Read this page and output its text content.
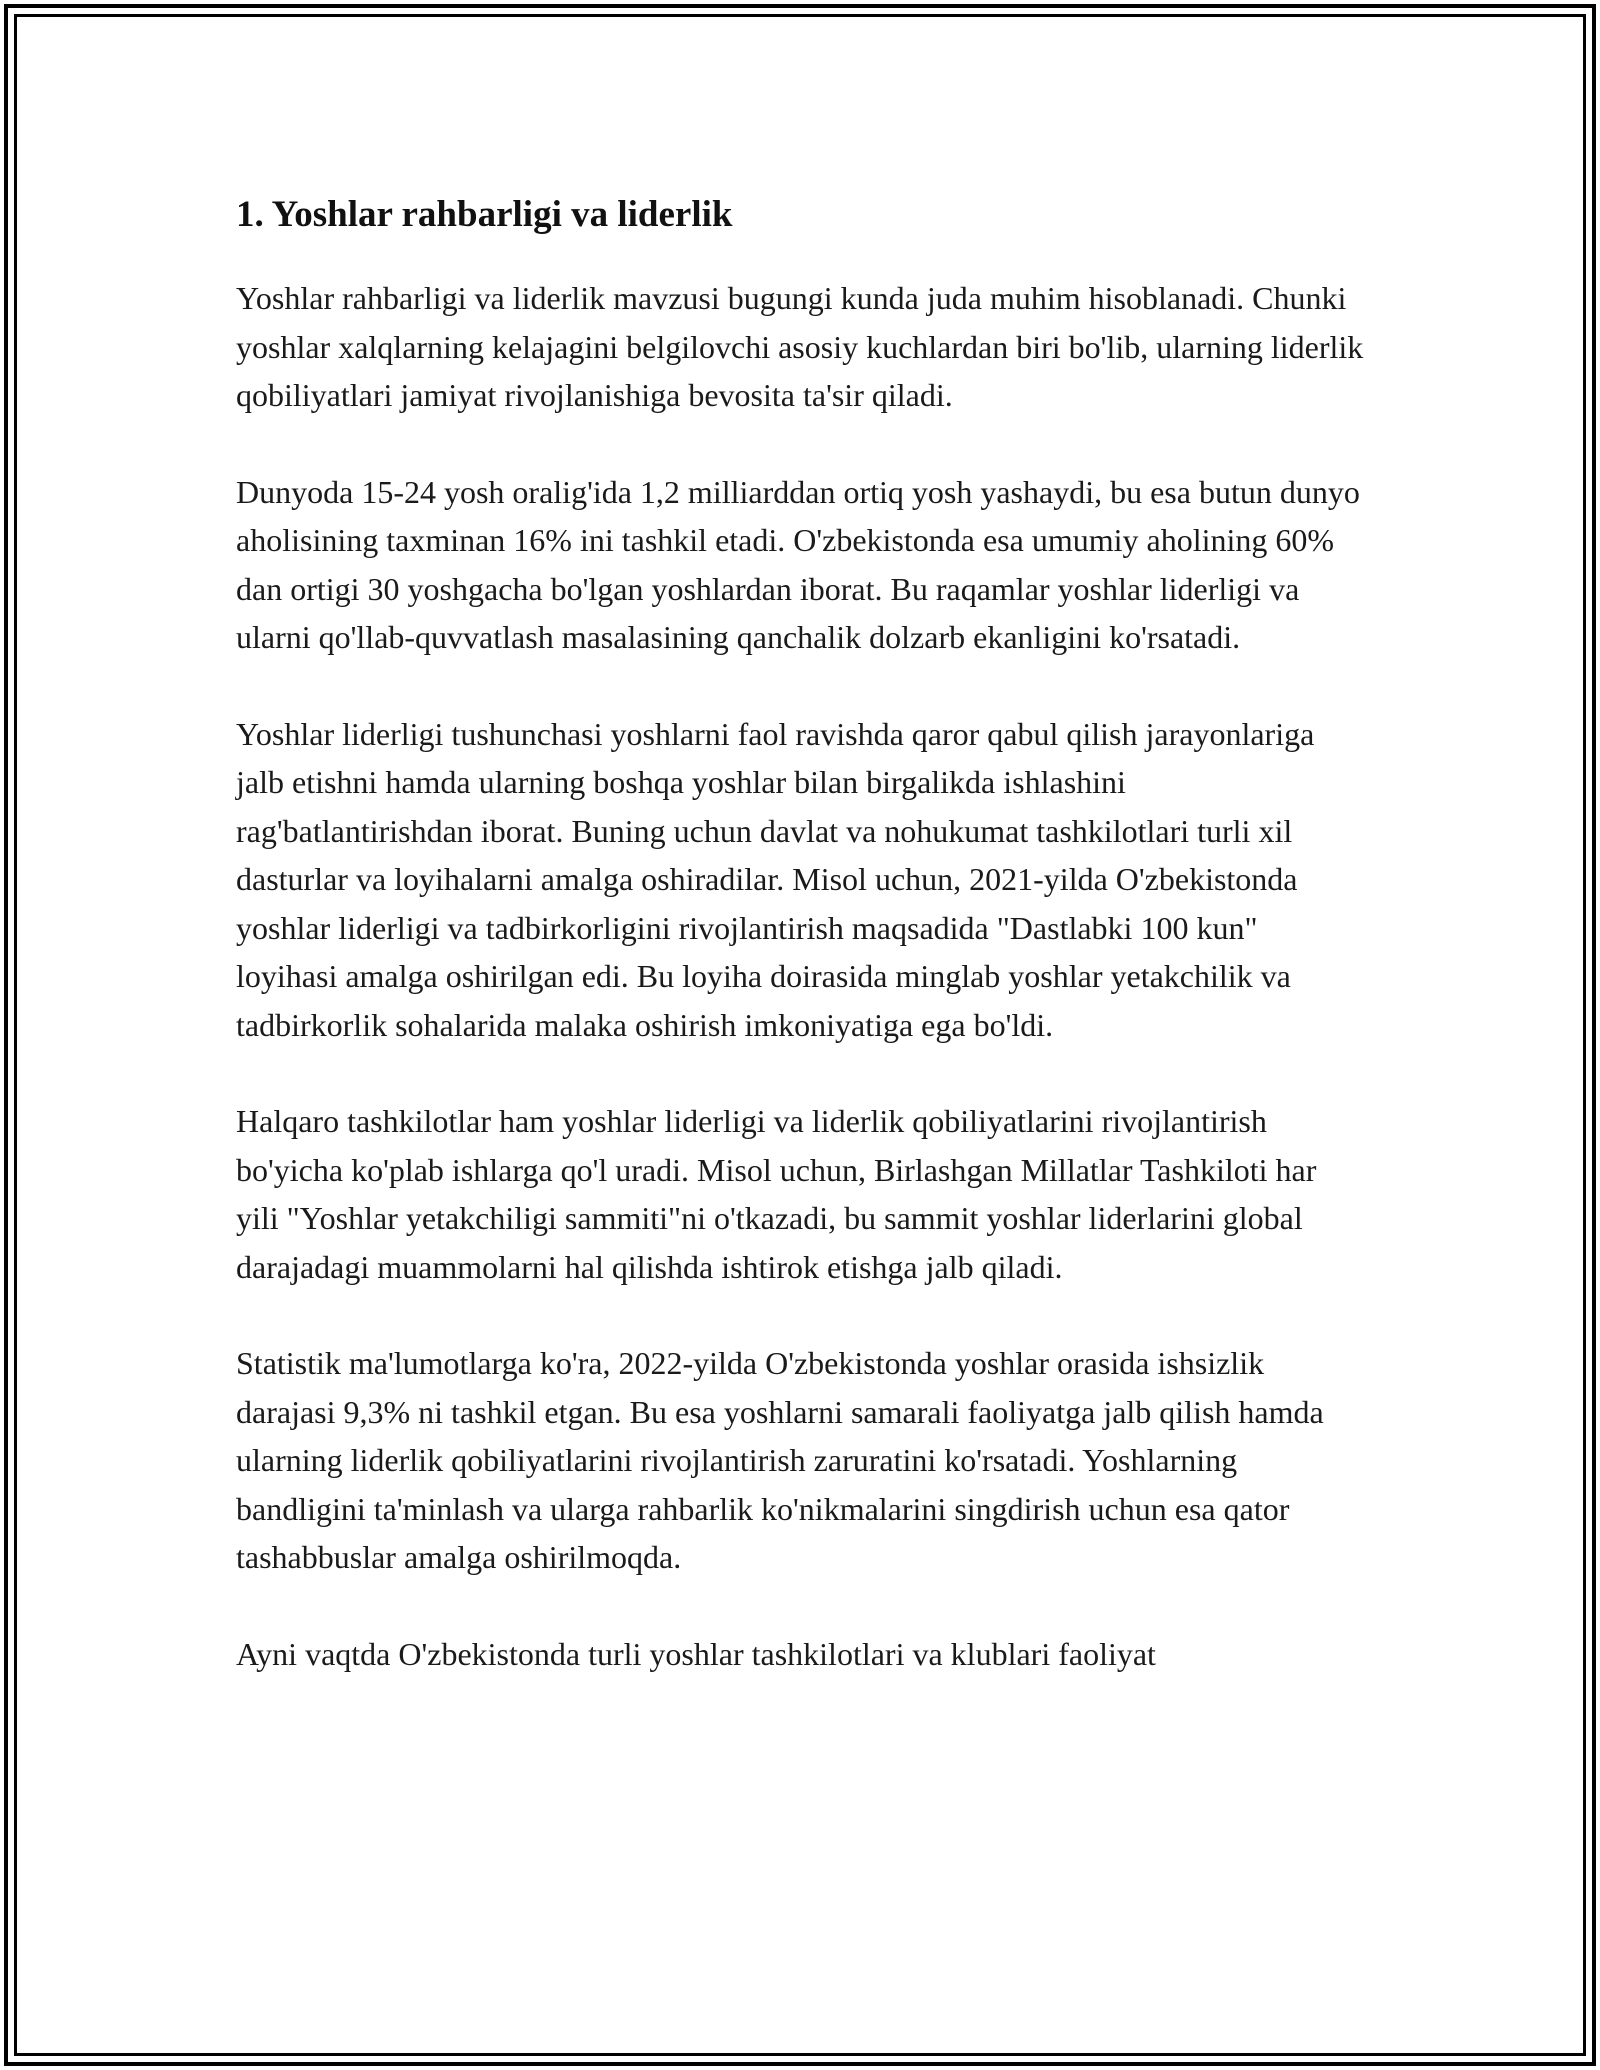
1. Yoshlar rahbarligi va liderlik

Yoshlar rahbarligi va liderlik mavzusi bugungi kunda juda muhim hisoblanadi. Chunki yoshlar xalqlarning kelajagini belgilovchi asosiy kuchlardan biri bo'lib, ularning liderlik qobiliyatlari jamiyat rivojlanishiga bevosita ta'sir qiladi.

Dunyoda 15-24 yosh oralig'ida 1,2 milliarddan ortiq yosh yashaydi, bu esa butun dunyo aholisining taxminan 16% ini tashkil etadi. O'zbekistonda esa umumiy aholining 60% dan ortigi 30 yoshgacha bo'lgan yoshlardan iborat. Bu raqamlar yoshlar liderligi va ularni qo'llab-quvvatlash masalasining qanchalik dolzarb ekanligini ko'rsatadi.

Yoshlar liderligi tushunchasi yoshlarni faol ravishda qaror qabul qilish jarayonlariga jalb etishni hamda ularning boshqa yoshlar bilan birgalikda ishlashini rag'batlantirishdan iborat. Buning uchun davlat va nohukumat tashkilotlari turli xil dasturlar va loyihalarni amalga oshiradilar. Misol uchun, 2021-yilda O'zbekistonda yoshlar liderligi va tadbirkorligini rivojlantirish maqsadida "Dastlabki 100 kun" loyihasi amalga oshirilgan edi. Bu loyiha doirasida minglab yoshlar yetakchilik va tadbirkorlik sohalarida malaka oshirish imkoniyatiga ega bo'ldi.

Halqaro tashkilotlar ham yoshlar liderligi va liderlik qobiliyatlarini rivojlantirish bo'yicha ko'plab ishlarga qo'l uradi. Misol uchun, Birlashgan Millatlar Tashkiloti har yili "Yoshlar yetakchiligi sammiti"ni o'tkazadi, bu sammit yoshlar liderlarini global darajadagi muammolarni hal qilishda ishtirok etishga jalb qiladi.

Statistik ma'lumotlarga ko'ra, 2022-yilda O'zbekistonda yoshlar orasida ishsizlik darajasi 9,3% ni tashkil etgan. Bu esa yoshlarni samarali faoliyatga jalb qilish hamda ularning liderlik qobiliyatlarini rivojlantirish zaruratini ko'rsatadi. Yoshlarning bandligini ta'minlash va ularga rahbarlik ko'nikmalarini singdirish uchun esa qator tashabbuslar amalga oshirilmoqda.

Ayni vaqtda O'zbekistonda turli yoshlar tashkilotlari va klublari faoliyat
